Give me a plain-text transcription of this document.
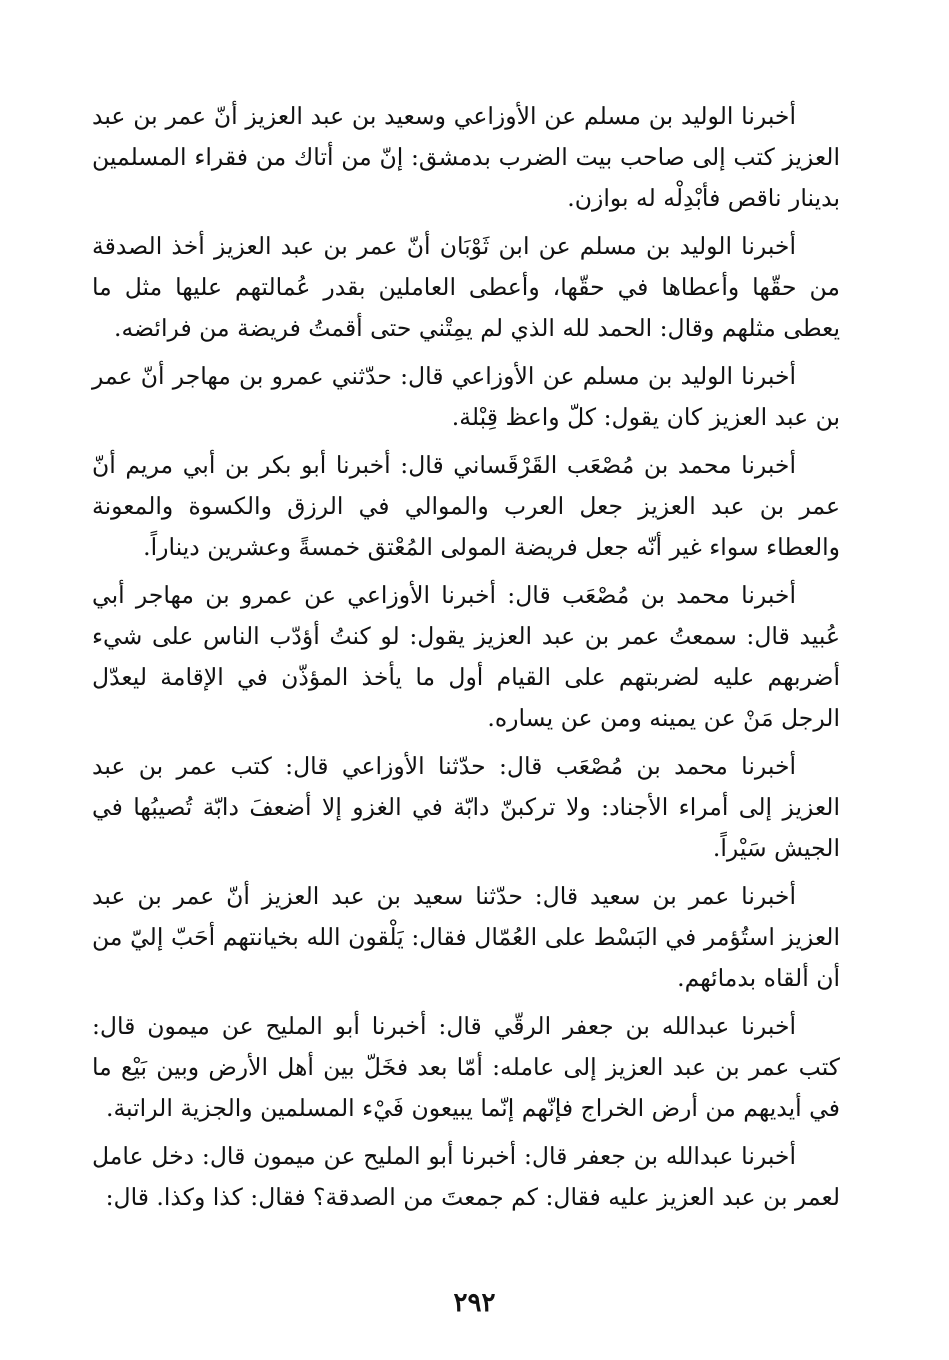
أخبرنا الوليد بن مسلم عن الأوزاعي وسعيد بن عبد العزيز أنّ عمر بن عبد العزيز كتب إلى صاحب بيت الضرب بدمشق: إنّ من أتاك من فقراء المسلمين بدينار ناقص فأبْدِلْه له بوازن.

أخبرنا الوليد بن مسلم عن ابن ثَوْبَان أنّ عمر بن عبد العزيز أخذ الصدقة من حقّها وأعطاها في حقّها، وأعطى العاملين بقدر عُمالتهم عليها مثل ما يعطى مثلهم وقال: الحمد لله الذي لم يمِتْني حتى أقمتُ فريضة من فرائضه.

أخبرنا الوليد بن مسلم عن الأوزاعي قال: حدّثني عمرو بن مهاجر أنّ عمر بن عبد العزيز كان يقول: كلّ واعظ قِبْلة.

أخبرنا محمد بن مُصْعَب القَرْقَساني قال: أخبرنا أبو بكر بن أبي مريم أنّ عمر بن عبد العزيز جعل العرب والموالي في الرزق والكسوة والمعونة والعطاء سواء غير أنّه جعل فريضة المولى المُعْتق خمسةً وعشرين ديناراً.

أخبرنا محمد بن مُصْعَب قال: أخبرنا الأوزاعي عن عمرو بن مهاجر أبي عُبيد قال: سمعتُ عمر بن عبد العزيز يقول: لو كنتُ أؤدّب الناس على شيء أضربهم عليه لضربتهم على القيام أول ما يأخذ المؤذّن في الإقامة ليعدّل الرجل مَنْ عن يمينه ومن عن يساره.

أخبرنا محمد بن مُصْعَب قال: حدّثنا الأوزاعي قال: كتب عمر بن عبد العزيز إلى أمراء الأجناد: ولا تركبنّ دابّة في الغزو إلا أضعفَ دابّة تُصيبُها في الجيش سَيْراً.

أخبرنا عمر بن سعيد قال: حدّثنا سعيد بن عبد العزيز أنّ عمر بن عبد العزيز استُؤمر في البَسْط على العُمّال فقال: يَلْقون الله بخيانتهم أحَبّ إليّ من أن ألقاه بدمائهم.

أخبرنا عبدالله بن جعفر الرقّي قال: أخبرنا أبو المليح عن ميمون قال: كتب عمر بن عبد العزيز إلى عامله: أمّا بعد فخَلّ بين أهل الأرض وبين بَيْع ما في أيديهم من أرض الخراج فإنّهم إنّما يبيعون فَيْء المسلمين والجزية الراتبة.

أخبرنا عبدالله بن جعفر قال: أخبرنا أبو المليح عن ميمون قال: دخل عامل لعمر بن عبد العزيز عليه فقال: كم جمعتَ من الصدقة؟ فقال: كذا وكذا. قال:

٢٩٢
